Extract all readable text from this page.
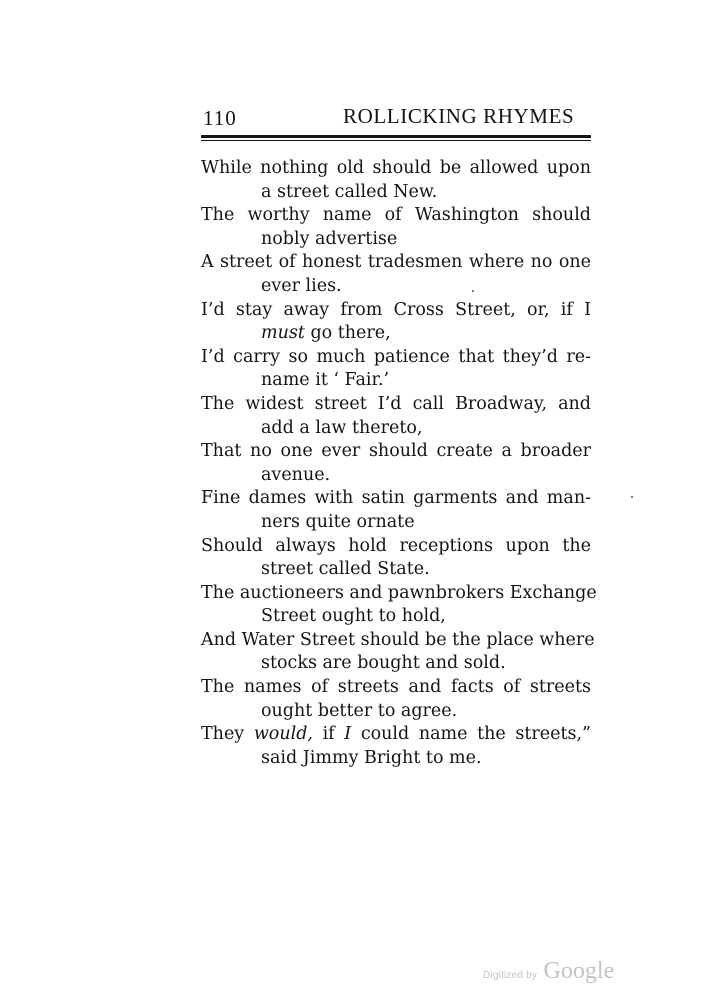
110	ROLLICKING RHYMES
While nothing old should be allowed upon
a street called New.
The worthy name of Washington should
nobly advertise
A street of honest tradesmen where no one
ever lies.
I’d stay away from Cross Street, or, if I
must go there,
I’d carry so much patience that they’d re-
name it ‘ Fair.’
The widest street I’d call Broadway, and
add a law thereto,
That no one ever should create a broader
avenue.
Fine dames with satin garments and man-
ners quite ornate
Should always hold receptions upon the
street called State.
The auctioneers and pawnbrokers Exchange
Street ought to hold,
And Water Street should be the place where
stocks are bought and sold.
The names of streets and facts of streets
ought better to agree.
They would, if I could name the streets,”
said Jimmy Bright to me.
Digitized by Google
